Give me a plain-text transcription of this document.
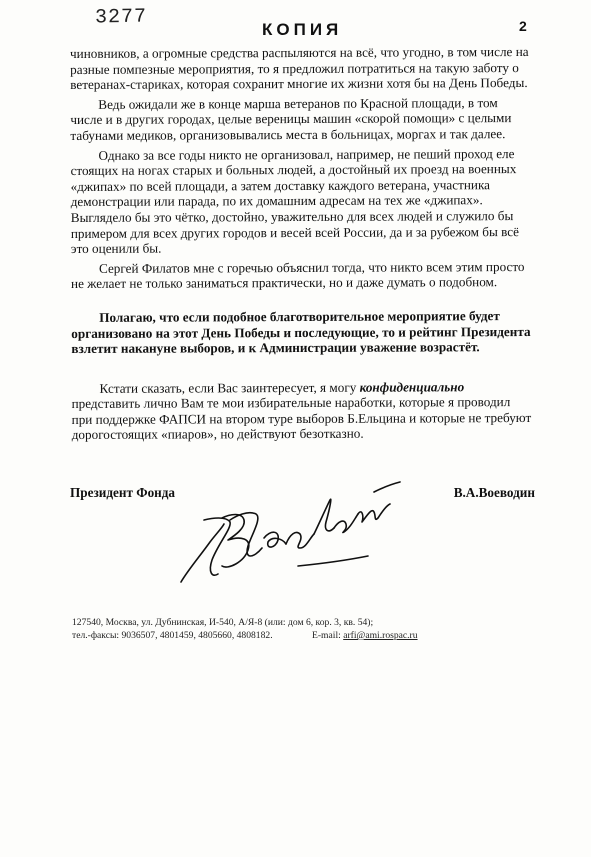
3277
КОПИЯ	2

чиновников, а огромные средства распыляются на всё, что угодно, в том числе на разные помпезные мероприятия, то я предложил потратиться на такую заботу о ветеранах-стариках, которая сохранит многие их жизни хотя бы на День Победы.

Ведь ожидали же в конце марша ветеранов по Красной площади, в том числе и в других городах, целые вереницы машин «скорой помощи» с целыми табунами медиков, организовывались места в больницах, моргах и так далее.

Однако за все годы никто не организовал, например, не пеший проход еле стоящих на ногах старых и больных людей, а достойный их проезд на военных «джипах» по всей площади, а затем доставку каждого ветерана, участника демонстрации или парада, по их домашним адресам на тех же «джипах». Выглядело бы это чётко, достойно, уважительно для всех людей и служило бы примером для всех других городов и весей всей России, да и за рубежом бы всё это оценили бы.

Сергей Филатов мне с горечью объяснил тогда, что никто всем этим просто не желает не только заниматься практически, но и даже думать о подобном.

Полагаю, что если подобное благотворительное мероприятие будет организовано на этот День Победы и последующие, то и рейтинг Президента взлетит накануне выборов, и к Администрации уважение возрастёт.

Кстати сказать, если Вас заинтересует, я могу конфиденциально представить лично Вам те мои избирательные наработки, которые я проводил при поддержке ФАПСИ на втором туре выборов Б.Ельцина и которые не требуют дорогостоящих «пиаров», но действуют безотказно.

Президент Фонда	В.А.Воеводин
127540, Москва, ул. Дубнинская, И-540, А/Я-8 (или: дом 6, кор. 3, кв. 54);
тел.-факсы: 9036507, 4801459, 4805660, 4808182.	E-mail: arfi@ami.rospac.ru
